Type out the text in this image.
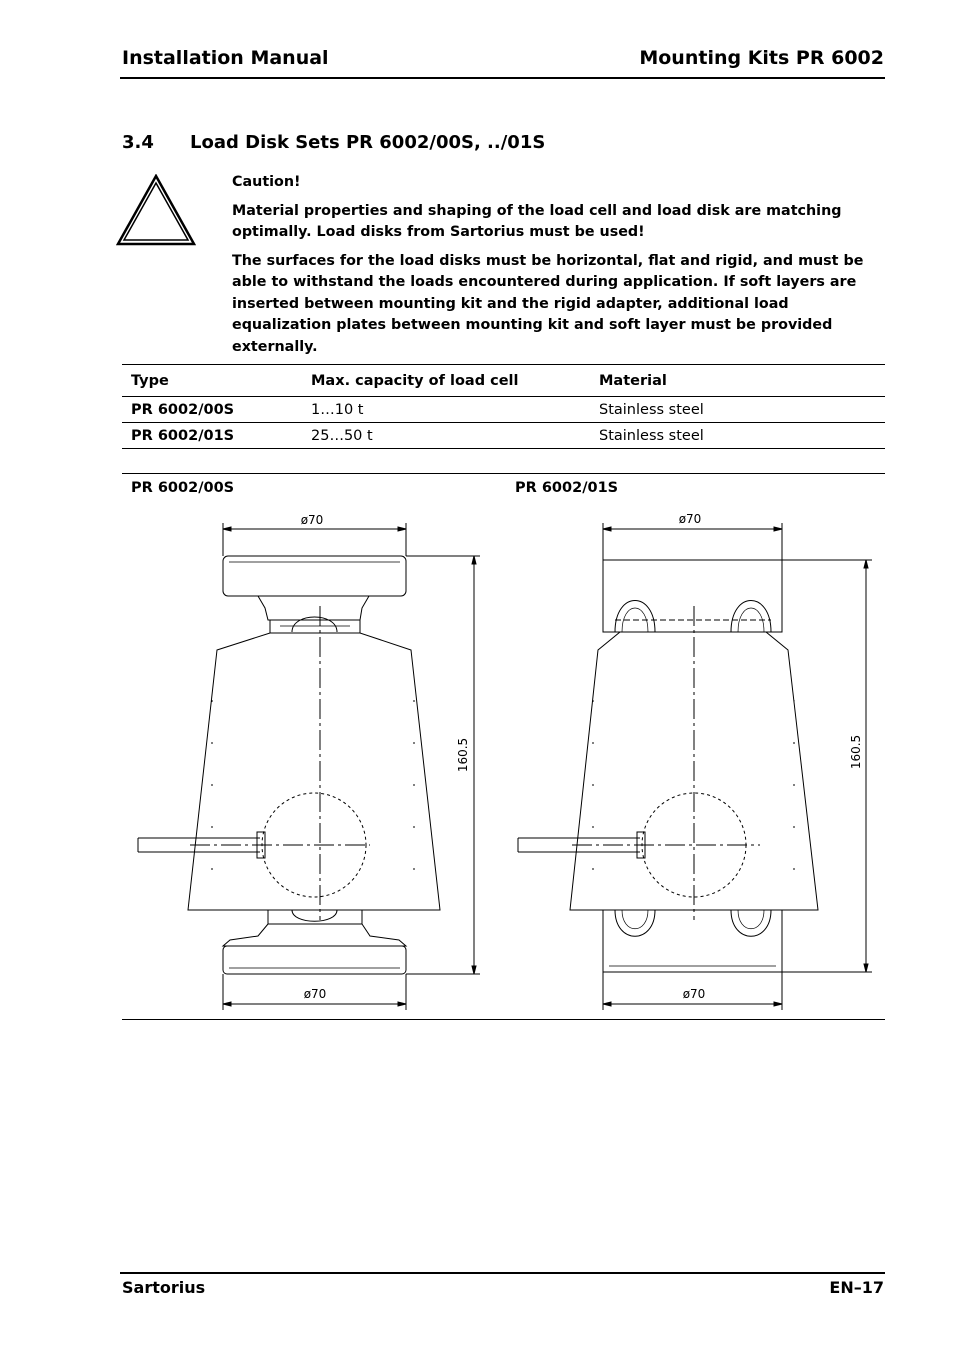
Installation Manual	Mounting Kits PR 6002
3.4 Load Disk Sets PR 6002/00S, ../01S

Caution!

Material properties and shaping of the load cell and load disk are matching optimally. Load disks from Sartorius must be used!

The surfaces for the load disks must be horizontal, flat and rigid, and must be able to withstand the loads encountered during application. If soft layers are inserted between mounting kit and the rigid adapter, additional load equalization plates between mounting kit and soft layer must be provided externally.

Type	Max. capacity of load cell	Material
PR 6002/00S	1…10 t	Stainless steel
PR 6002/01S	25…50 t	Stainless steel
PR 6002/00S	PR 6002/01S
ø70
ø70
160.5
ø70
ø70
160.5
Sartorius	EN–17
